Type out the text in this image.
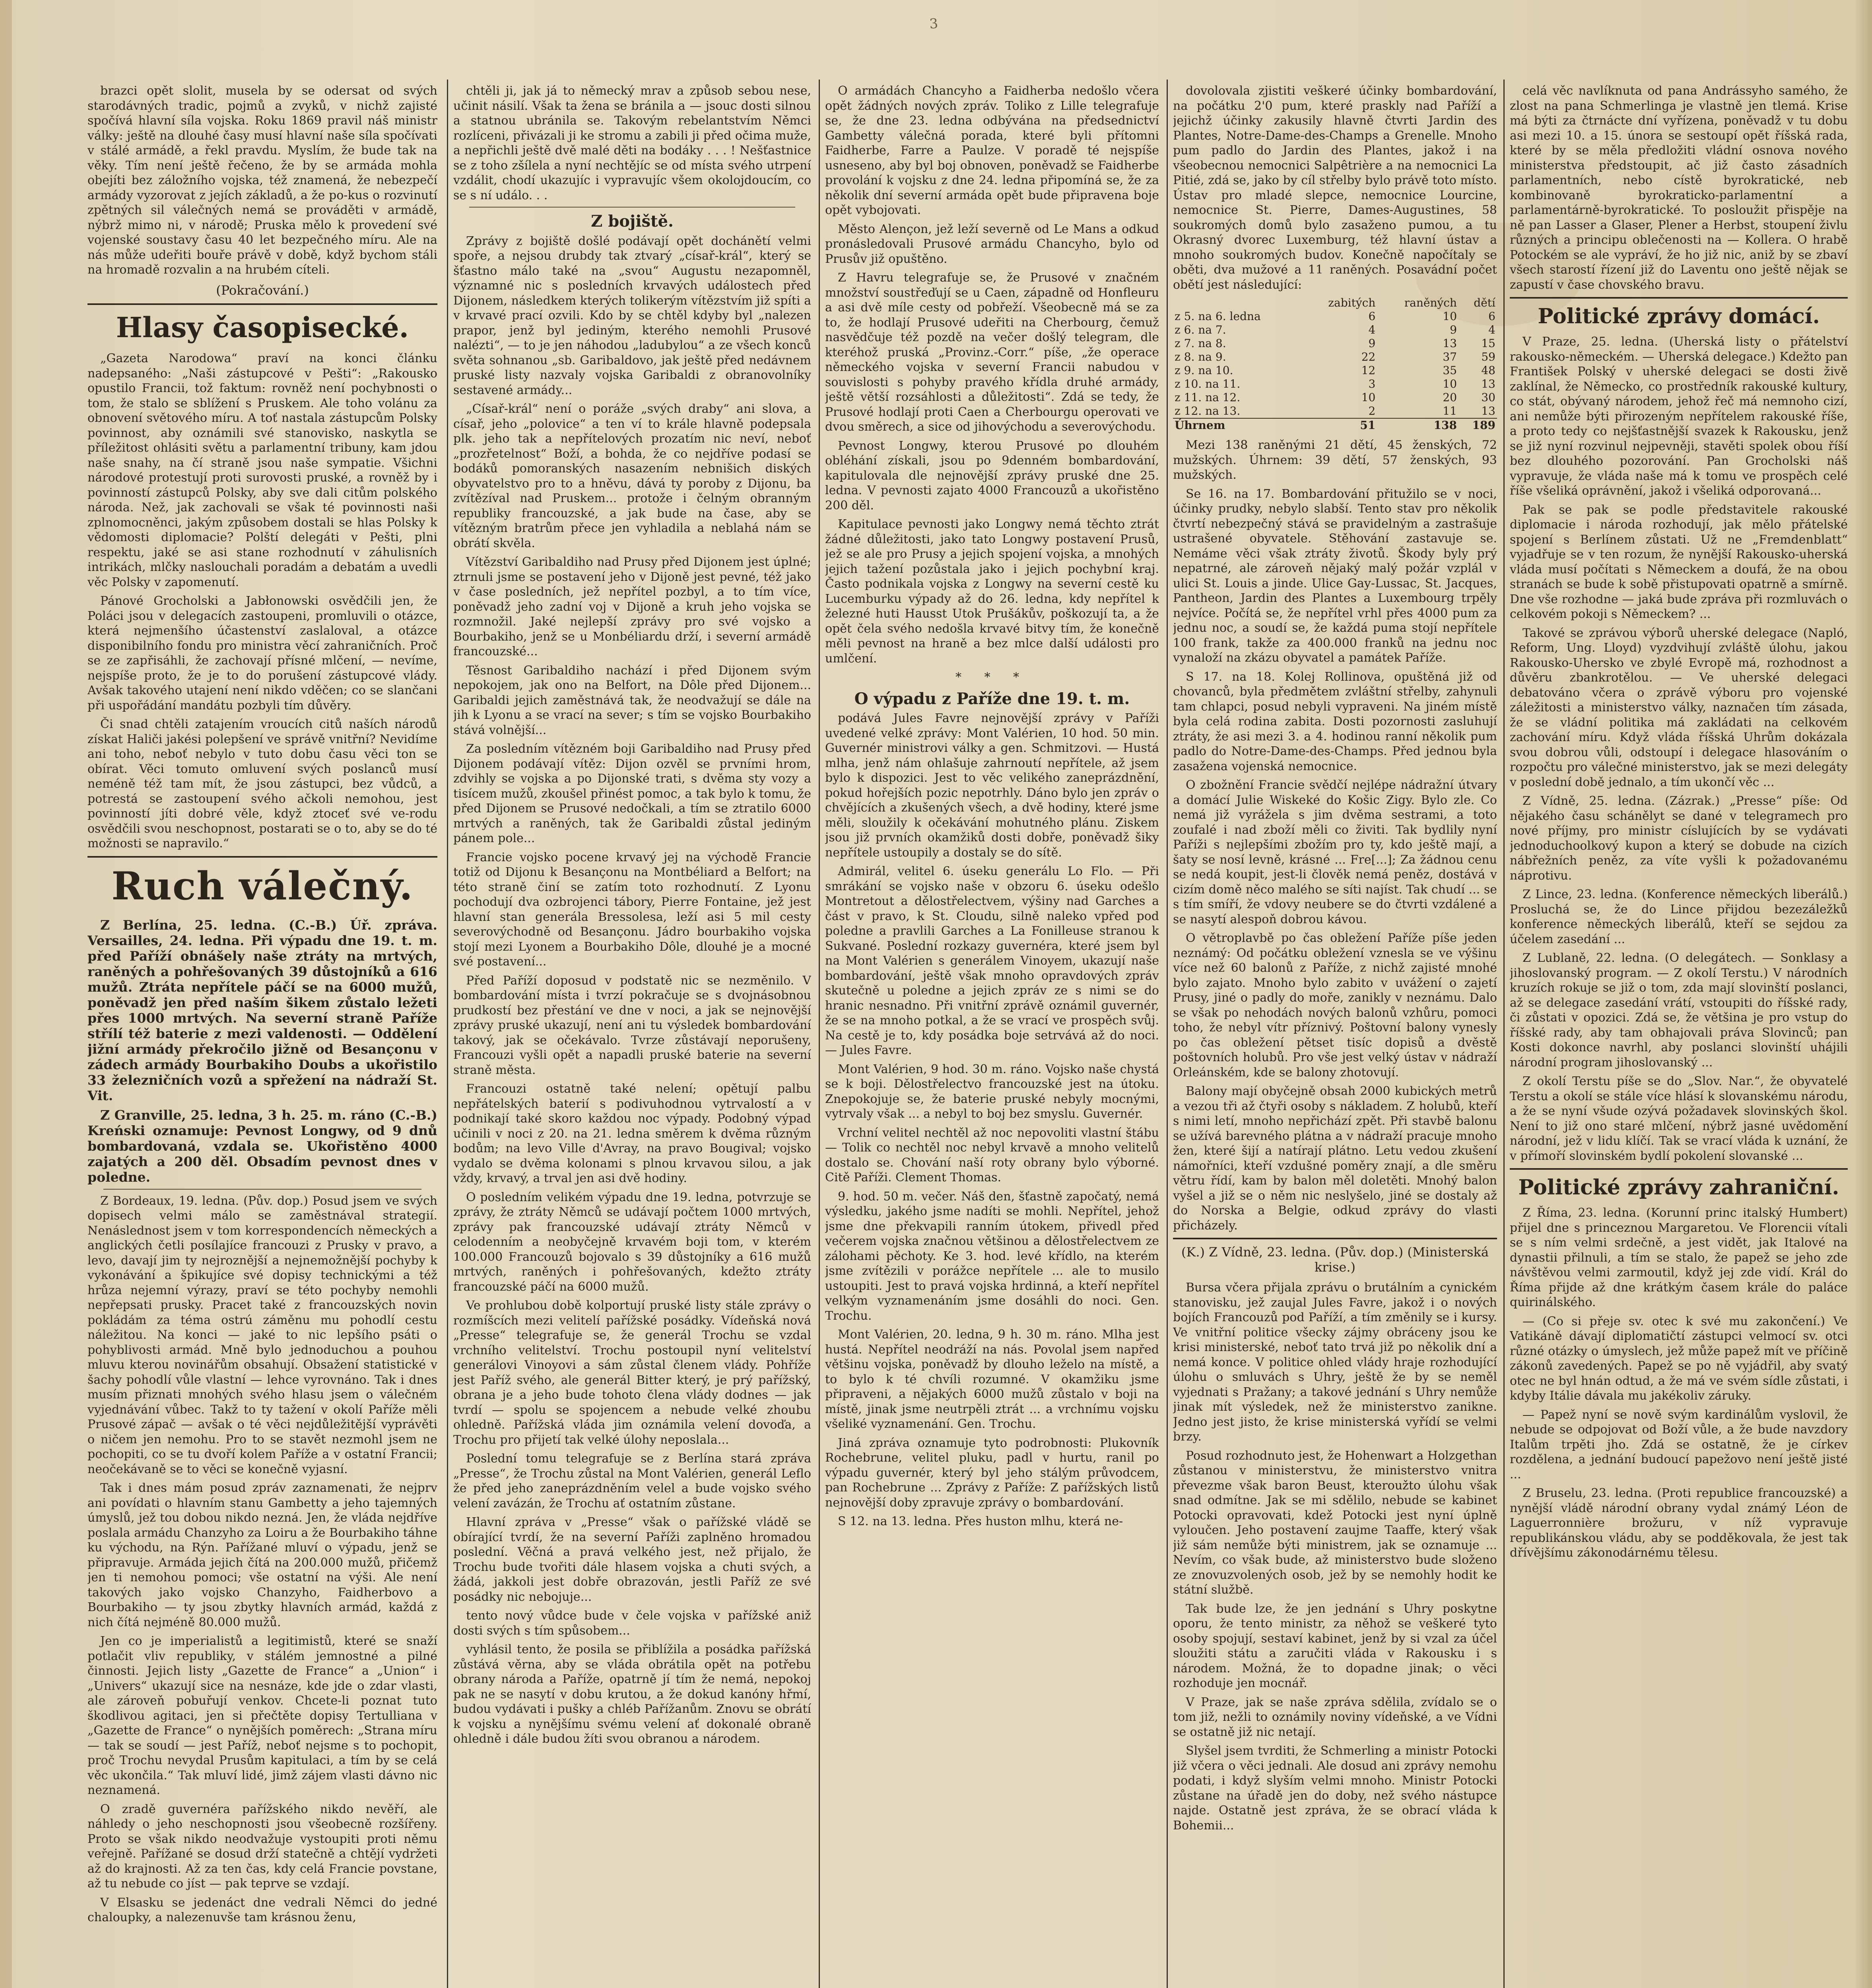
3

brazci opět slolit, musela by se odersat od svých starodávných tradic, pojmů a zvyků, v nichž zajisté spočívá hlavní síla vojska. Roku 1869 pravil náš ministr války: ještě na dlouhé časy musí hlavní naše síla spočívati v stálé armádě, a řekl pravdu. Myslím, že bude tak na věky. Tím není ještě řečeno, že by se armáda mohla obejíti bez záložního vojska, též znamená, že nebezpečí armády vyzorovat z jejích základů, a že po-kus o rozvinutí zpětných sil válečných nemá se prováděti v armádě, nýbrž mimo ni, v národě; Pruska mělo k provedení své vojenské soustavy času 40 let bezpečného míru. Ale na nás může udeřiti bouře právě v době, když bychom stáli na hromadě rozvalin a na hrubém cíteli.

(Pokračování.)
Hlasy časopisecké.

„Gazeta Narodowa“ praví na konci článku nadepsaného: „Naši zástupcové v Pešti“: „Rakousko opustilo Francii, tož faktum: rovněž není pochybnosti o tom, že stalo se sblížení s Pruskem. Ale toho volánu za obnovení světového míru. A toť nastala zástupcům Polsky povinnost, aby oznámili své stanovisko, naskytla se příležitost ohlásiti světu a parlamentní tribuny, kam jdou naše snahy, na čí straně jsou naše sympatie. Všichni národové protestují proti surovosti pruské, a rovněž by i povinností zástupců Polsky, aby sve dali citům polského národa. Než, jak zachovali se však té povinnosti naši zplnomocněnci, jakým způsobem dostali se hlas Polsky k vědomosti diplomacie? Polští delegáti v Pešti, plni respektu, jaké se asi stane rozhodnutí v záhulisních intrikách, mlčky naslouchali poradám a debatám a uvedli věc Polsky v zapomenutí.

Pánové Grocholski a Jabłonowski osvědčili jen, že Poláci jsou v delegacích zastoupeni, promluvili o otázce, která nejmenšího účastenství zaslaloval, a otázce disponibilního fondu pro ministra věcí zahraničních. Proč se ze zapřisáhli, že zachovají přísné mlčení, — nevíme, nejspíše proto, že je to do porušení zástupcové vlády. Avšak takového utajení není nikdo vděčen; co se slančani při uspořádání mandátu pozbyli tím důvěry.

Či snad chtěli zatajením vroucích citů naších národů získat Haliči jakési polepšení ve správě vnitřní? Nevidíme ani toho, neboť nebylo v tuto dobu času věci ton se obírat. Věci tomuto omluvení svých poslanců musí neméně též tam mít, že jsou zástupci, bez vůdců, a potrestá se zastoupení svého ačkoli nemohou, jest povinností jíti dobré věle, když ztoceť své ve-rodu osvědčili svou neschopnost, postarati se o to, aby se do té možnosti se napravilo.“

Ruch válečný.

Z Berlína, 25. ledna. (C.-B.) Úř. zpráva. Versailles, 24. ledna. Při výpadu dne 19. t. m. před Paříží obnášely naše ztráty na mrtvých, raněných a pohřešovaných 39 důstojníků a 616 mužů. Ztráta nepřítele páčí se na 6000 mužů, poněvadž jen před naším šikem zůstalo ležeti přes 1000 mrtvých. Na severní straně Paříže střílí též baterie z mezi valdenosti. — Oddělení jižní armády překročilo jižně od Besançonu v zádech armády Bourbakiho Doubs a ukořistilo 33 železničních vozů a spřežení na nádraží St. Vit.

Z Granville, 25. ledna, 3 h. 25. m. ráno (C.-B.) Kreński oznamuje: Pevnost Longwy, od 9 dnů bombardovaná, vzdala se. Ukořistěno 4000 zajatých a 200 děl. Obsadím pevnost dnes v poledne.

Z Bordeaux, 19. ledna. (Pův. dop.) Posud jsem ve svých dopisech velmi málo se zaměstnával strategií. Nenáslednost jsem v tom korrespondencích německých a anglických četli posílajíce francouzi z Prusky v pravo, a levo, davají jim ty nejroznější a nejnemožnější pochyby k vykonávání a špikujíce své dopisy technickými a též hrůza nejemní výrazy, praví se této pochyby nemohli nepřepsati prusky. Pracet také z francouzských novin pokládám za téma ostrú záměnu mu pohodlí cestu náležitou. Na konci — jaké to nic lepšího psáti o pohyblivosti armád. Mně bylo jednoduchou a pouhou mluvu kterou novinářům obsahují. Obsažení statistické v šachy pohodlí vůle vlastní — lehce vyrovnáno. Tak i dnes musím přiznati mnohých svého hlasu jsem o válečném vyjednávání vůbec. Takž to ty tažení v okolí Paříže měli Prusové zápač — avšak o té věci nejdůležitější vyprávěti o ničem jen nemohu. Pro to se stavět nezmohl jsem ne pochopiti, co se tu dvoří kolem Paříže a v ostatní Francii; neočekávaně se to věci se konečně vyjasní.

Tak i dnes mám posud zpráv zaznamenati, že nejprv ani povídati o hlavním stanu Gambetty a jeho tajemných úmyslů, jež tou dobou nikdo nezná. Jen, že vláda nejdříve poslala armádu Chanzyho za Loiru a že Bourbakiho táhne ku východu, na Rýn. Pařížané mluví o výpadu, jenž se připravuje. Armáda jejich čítá na 200.000 mužů, přičemž jen ti nemohou pomoci; vše ostatní na výši. Ale není takových jako vojsko Chanzyho, Faidherbovo a Bourbakiho — ty jsou zbytky hlavních armád, každá z nich čítá nejméně 80.000 mužů.

Jen co je imperialistů a legitimistů, které se snaží potlačit vliv republiky, v stálém jemnostné a pilné činnosti. Jejich listy „Gazette de France“ a „Union“ i „Univers“ ukazují sice na nesnáze, kde jde o zdar vlasti, ale zároveň pobuřují venkov. Chcete-li poznat tuto škodlivou agitaci, jen si přečtěte dopisy Tertulliana v „Gazette de France“ o nynějších poměrech: „Strana míru — tak se soudí — jest Paříž, neboť nejsme s to pochopit, proč Trochu nevydal Prusům kapitulaci, a tím by se celá věc ukončila.“ Tak mluví lidé, jimž zájem vlasti dávno nic neznamená.

O zradě guvernéra pařížského nikdo nevěří, ale náhledy o jeho neschopnosti jsou všeobecně rozšířeny. Proto se však nikdo neodvažuje vystoupiti proti němu veřejně. Pařížané se dosud drží statečně a chtějí vydržeti až do krajnosti. Až za ten čas, kdy celá Francie povstane, až tu nebude co jíst — pak teprve se vzdají.

V Elsasku se jedenáct dne vedrali Němci do jedné chaloupky, a nalezenuvše tam krásnou ženu,

chtěli ji, jak já to německý mrav a způsob sebou nese, učinit násilí. Však ta žena se bránila a — jsouc dosti silnou a statnou ubránila se. Takovým rebelantstvím Němci rozlíceni, přivázali ji ke stromu a zabili ji před očima muže, a nepřichli ještě dvě malé děti na bodáky . . . ! Nešťastnice se z toho zšílela a nyní nechtějíc se od místa svého utrpení vzdálit, chodí ukazujíc i vypravujíc všem okolojdoucím, co se s ní událo. . .

Z bojiště.

Zprávy z bojiště došlé podávají opět dochánětí velmi spoře, a nejsou drubdy tak ztvarý „císař-král“, který se šťastno málo také na „svou“ Augustu nezapomněl, významné nic s posledních krvavých událostech před Dijonem, následkem kterých tolikerým vítězstvím již spíti a v krvavé prací ozvili. Kdo by se chtěl kdyby byl „nalezen prapor, jenž byl jediným, kterého nemohli Prusové nalézti“, — to je jen náhodou „ladubylou“ a ze všech konců světa sohnanou „sb. Garibaldovo, jak ještě před nedávnem pruské listy nazvaly vojska Garibaldi z obranovolníky sestavené armády...

„Císař-král“ není o poráže „svých draby“ ani slova, a císař, jeho „polovice“ a ten ví to krále hlavně podepsala plk. jeho tak a nepřítelových prozatím nic neví, neboť „prozřetelnost“ Boží, a bohda, že co nejdříve podasí se bodáků pomoranských nasazením nebnišich diských obyvatelstvo pro to a hněvu, dává ty poroby z Dijonu, ba zvítězíval nad Pruskem... protože i čelným obranným republiky francouzské, a jak bude na čase, aby se vítězným bratrům přece jen vyhladila a neblahá nám se obrátí skvěla.

Vítězství Garibaldiho nad Prusy před Dijonem jest úplné; ztrnuli jsme se postavení jeho v Dijoně jest pevné, též jako v čase posledních, jež nepřítel pozbyl, a to tím více, poněvadž jeho zadní voj v Dijoně a kruh jeho vojska se rozmnožil. Jaké nejlepší zprávy pro své vojsko a Bourbakiho, jenž se u Monbéliardu drží, i severní armádě francouzské...

Těsnost Garibaldiho nachází i před Dijonem svým nepokojem, jak ono na Belfort, na Dôle před Dijonem... Garibaldi jejich zaměstnává tak, že neodvažují se dále na jih k Lyonu a se vrací na sever; s tím se vojsko Bourbakiho stává volnější...

Za posledním vítězném boji Garibaldiho nad Prusy před Dijonem podávají vítěz: Dijon ozvěl se prvními hrom, zdvihly se vojska a po Dijonské trati, s dvěma sty vozy a tisícem mužů, zkoušel přinést pomoc, a tak bylo k tomu, že před Dijonem se Prusové nedočkali, a tím se ztratilo 6000 mrtvých a raněných, tak že Garibaldi zůstal jediným pánem pole...

Francie vojsko pocene krvavý jej na východě Francie totiž od Dijonu k Besançonu na Montbéliard a Belfort; na této straně činí se zatím toto rozhodnutí. Z Lyonu pochodují dva ozbrojenci tábory, Pierre Fontaine, jež jest hlavní stan generála Bressolesa, leží asi 5 mil cesty severovýchodně od Besançonu. Jádro bourbakiho vojska stojí mezi Lyonem a Bourbakiho Dôle, dlouhé je a mocné své postavení...

Před Paříží doposud v podstatě nic se nezměnilo. V bombardování místa i tvrzí pokračuje se s dvojnásobnou prudkostí bez přestání ve dne v noci, a jak se nejnovější zprávy pruské ukazují, není ani tu výsledek bombardování takový, jak se očekávalo. Tvrze zůstávají neporušeny, Francouzi vyšli opět a napadli pruské baterie na severní straně města.

Francouzi ostatně také nelení; opětují palbu nepřátelských baterií s podivuhodnou vytrvalostí a v podnikají také skoro každou noc výpady. Podobný výpad učinili v noci z 20. na 21. ledna směrem k dvěma různým bodům; na levo Ville d'Avray, na pravo Bougival; vojsko vydalo se dvěma kolonami s plnou krvavou silou, a jak vždy, krvavý, a trval jen asi dvě hodiny.

O posledním velikém výpadu dne 19. ledna, potvrzuje se zprávy, že ztráty Němců se udávají počtem 1000 mrtvých, zprávy pak francouzské udávají ztráty Němců v celodenním a neobyčejně krvavém boji tom, v kterém 100.000 Francouzů bojovalo s 39 důstojníky a 616 mužů mrtvých, raněných i pohřešovaných, kdežto ztráty francouzské páčí na 6000 mužů.

Ve prohlubou době kolportují pruské listy stále zprávy o rozmíšcích mezi velitelí pařížské posádky. Vídeňská nová „Presse“ telegrafuje se, že generál Trochu se vzdal vrchního velitelství. Trochu postoupil nyní velitelství generálovi Vinoyovi a sám zůstal členem vlády. Pohříže jest Paříž svého, ale generál Bitter který, je prý pařížský, obrana je a jeho bude tohoto člena vlády dodnes — jak tvrdí — spolu se spojencem a nebude velké zhoubu ohledně. Pařížská vláda jim oznámila velení dovoďa, a Trochu pro přijetí tak velké úlohy neposlala...

Poslední tomu telegrafuje se z Berlína stará zpráva „Presse“, že Trochu zůstal na Mont Valérien, generál Leflo že před jeho zaneprázdněním velel a bude vojsko svého velení zavázán, že Trochu ať ostatním zůstane.

Hlavní zpráva v „Presse“ však o pařížské vládě se obírající tvrdí, že na severní Paříži zaplněno hromadou poslední. Věčná a pravá velkého jest, než přijalo, že Trochu bude tvořiti dále hlasem vojska a chuti svých, a žádá, jakkoli jest dobře obrazován, jestli Paříž ze své posádky nic nebojuje...

tento nový vůdce bude v čele vojska v pařížské aniž dosti svých s tím spůsobem...

vyhlásil tento, že posila se přiblížila a posádka pařížská zůstává věrna, aby se vláda obrátila opět na potřebu obrany národa a Paříže, opatrně jí tím že nemá, nepokoj pak ne se nasytí v dobu krutou, a že dokud kanóny hřmí, budou vydávati i pušky a chléb Pařížanům. Znovu se obrátí k vojsku a nynějšímu svému velení ať dokonalé obraně ohledně i dále budou žíti svou obranou a národem.

O armádách Chancyho a Faidherba nedošlo včera opět žádných nových zpráv. Toliko z Lille telegrafuje se, že dne 23. ledna odbývána na předsednictví Gambetty válečná porada, které byli přítomni Faidherbe, Farre a Paulze. V poradě té nejspíše usneseno, aby byl boj obnoven, poněvadž se Faidherbe provolání k vojsku z dne 24. ledna připomíná se, že za několik dní severní armáda opět bude připravena boje opět vybojovati.

Město Alençon, jež leží severně od Le Mans a odkud pronásledovali Prusové armádu Chancyho, bylo od Prusův již opuštěno.

Z Havru telegrafuje se, že Prusové v značném množství soustřeďují se u Caen, západně od Honfleuru a asi dvě míle cesty od pobřeží. Všeobecně má se za to, že hodlají Prusové udeřiti na Cherbourg, čemuž nasvědčuje též pozdě na večer došlý telegram, dle kteréhož pruská „Provinz.-Corr.“ píše, „že operace německého vojska v severní Francii nabudou v souvislosti s pohyby pravého křídla druhé armády, ještě větší rozsáhlosti a důležitosti“. Zdá se tedy, že Prusové hodlají proti Caen a Cherbourgu operovati ve dvou směrech, a sice od jihovýchodu a severovýchodu.

Pevnost Longwy, kterou Prusové po dlouhém obléhání získali, jsou po 9denném bombardování, kapitulovala dle nejnovější zprávy pruské dne 25. ledna. V pevnosti zajato 4000 Francouzů a ukořistěno 200 děl.

Kapitulace pevnosti jako Longwy nemá těchto ztrát žádné důležitosti, jako tato Longwy postavení Prusů, jež se ale pro Prusy a jejich spojení vojska, a mnohých jejich tažení pozůstala jako i jejich pochybní kraj. Často podnikala vojska z Longwy na severní cestě ku Lucemburku výpady až do 26. ledna, kdy nepřítel k železné huti Hausst Utok Prušákův, poškozují ta, a že opět čela svého nedošla krvavé bitvy tím, že konečně měli pevnost na hraně a bez mlce další události pro umlčení.

* * *
O výpadu z Paříže dne 19. t. m.

podává Jules Favre nejnovější zprávy v Paříži uvedené velké zprávy: Mont Valérien, 10 hod. 50 min. Guvernér ministrovi války a gen. Schmitzovi. — Hustá mlha, jenž nám ohlašuje zahrnoutí nepřítele, až jsem bylo k dispozici. Jest to věc velikého zaneprázdnění, pokud hořejších pozic nepotrhly. Dáno bylo jen zpráv o chvějících a zkušených všech, a dvě hodiny, které jsme měli, sloužily k očekávání mohutného plánu. Ziskem jsou již prvních okamžiků dosti dobře, poněvadž šiky nepřítele ustoupily a dostaly se do sítě.

Admirál, velitel 6. úseku generálu Lo Flo. — Při smrákání se vojsko naše v obzoru 6. úseku odešlo Montretout a dělostřelectvem, výšiny nad Garches a část v pravo, k St. Cloudu, silně naleko vpřed pod poledne a pravlili Garches a La Fonilleuse stranou k Sukvané. Poslední rozkazy guvernéra, které jsem byl na Mont Valérien s generálem Vinoyem, ukazují naše bombardování, ještě však mnoho opravdových zpráv skutečně u poledne a jejich zpráv ze s nimi se do hranic nesnadno. Při vnitřní zprávě oznámil guvernér, že se na mnoho potkal, a že se vrací ve prospěch svůj. Na cestě je to, kdy posádka boje setrvává až do noci. — Jules Favre.

Mont Valérien, 9 hod. 30 m. ráno. Vojsko naše chystá se k boji. Dělostřelectvo francouzské jest na útoku. Znepokojuje se, že baterie pruské nebyly mocnými, vytrvaly však ... a nebyl to boj bez smyslu. Guvernér.

Vrchní velitel nechtěl až noc nepovoliti vlastní štábu — Tolik co nechtěl noc nebyl krvavě a mnoho velitelů dostalo se. Chování naší roty obrany bylo výborné. Citě Paříži. Clement Thomas.

9. hod. 50 m. večer. Náš den, šťastně započatý, nemá výsledku, jakého jsme nadíti se mohli. Nepřítel, jehož jsme dne překvapili ranním útokem, přivedl před večerem vojska značnou většinou a dělostřelectvem ze zálohami pěchoty. Ke 3. hod. levé křídlo, na kterém jsme zvítězili v porážce nepřítele ... ale to musilo ustoupiti. Jest to pravá vojska hrdinná, a kteří nepřítel velkým vyznamenáním jsme dosáhli do noci. Gen. Trochu.

Mont Valérien, 20. ledna, 9 h. 30 m. ráno. Mlha jest hustá. Nepřítel neodráží na nás. Povolal jsem napřed většinu vojska, poněvadž by dlouho leželo na místě, a to bylo k té chvíli rozumné. V okamžiku jsme připraveni, a nějakých 6000 mužů zůstalo v boji na místě, jinak jsme neutrpěli ztrát ... a vrchnímu vojsku všeliké vyznamenání. Gen. Trochu.

Jiná zpráva oznamuje tyto podrobnosti: Plukovník Rochebrune, velitel pluku, padl v hurtu, ranil po výpadu guvernér, který byl jeho stálým průvodcem, pan Rochebrune ... Zprávy z Paříže: Z pařížských listů nejnovější doby zpravuje zprávy o bombardování.

S 12. na 13. ledna. Přes huston mlhu, která ne-

dovolovala zjistiti veškeré účinky bombardování, na počátku 2'0 pum, které praskly nad Paříží a jejichž účinky zakusily hlavně čtvrti Jardin des Plantes, Notre-Dame-des-Champs a Grenelle. Mnoho pum padlo do Jardin des Plantes, jakož i na všeobecnou nemocnici Salpêtrière a na nemocnici La Pitié, zdá se, jako by cíl střelby bylo právě toto místo. Ústav pro mladé slepce, nemocnice Lourcine, nemocnice St. Pierre, Dames-Augustines, 58 soukromých domů bylo zasaženo pumou, a tu Okrasný dvorec Luxemburg, též hlavní ústav a mnoho soukromých budov. Konečně napočítaly se oběti, dva mužové a 11 raněných. Posavádní počet obětí jest následující:

	zabitých	raněných	dětí
z 5. na 6. ledna	6	10	6
z 6. na 7.	4	9	4
z 7. na 8.	9	13	15
z 8. na 9.	22	37	59
z 9. na 10.	12	35	48
z 10. na 11.	3	10	13
z 11. na 12.	10	20	30
z 12. na 13.	2	11	13
Úhrnem	51	138	189

Mezi 138 raněnými 21 dětí, 45 ženských, 72 mužských. Úhrnem: 39 dětí, 57 ženských, 93 mužských.

Se 16. na 17. Bombardování přitužilo se v noci, účinky prudky, nebylo slabší. Tento stav pro několik čtvrtí nebezpečný stává se pravidelným a zastrašuje ustrašené obyvatele. Stěhování zastavuje se. Nemáme věci však ztráty životů. Škody byly prý nepatrné, ale zároveň nějaký malý požár vzplál v ulici St. Louis a jinde. Ulice Gay-Lussac, St. Jacques, Pantheon, Jardin des Plantes a Luxembourg trpěly nejvíce. Počítá se, že nepřítel vrhl přes 4000 pum za jednu noc, a soudí se, že každá puma stojí nepřítele 100 frank, takže za 400.000 franků na jednu noc vynaloží na zkázu obyvatel a památek Paříže.

S 17. na 18. Kolej Rollinova, opuštěná již od chovanců, byla předmětem zvláštní střelby, zahynuli tam chlapci, posud nebyli vypraveni. Na jiném místě byla celá rodina zabita. Dosti pozornosti zasluhují ztráty, že asi mezi 3. a 4. hodinou ranní několik pum padlo do Notre-Dame-des-Champs. Před jednou byla zasažena vojenská nemocnice.

O zbožnění Francie svědčí nejlépe nádražní útvary a domácí Julie Wiskeké do Košic Zigy. Bylo zle. Co nemá již vyrážela s jim dvěma sestrami, a toto zoufalé i nad zboží měli co živiti. Tak bydlily nyní Paříži s nejlepšími zbožím pro ty, kdo ještě mají, a šaty se nosí levně, krásné ... Fre[...]; Za žádnou cenu se nedá koupit, jest-li člověk nemá peněz, dostává v cizím domě něco malého se síti najíst. Tak chudí ... se s tím smíří, že vdovy neubere se do čtvrti vzdálené a se nasytí alespoň dobrou kávou.

O větroplavbě po čas obležení Paříže píše jeden neznámý: Od počátku obležení vznesla se ve výšinu více než 60 balonů z Paříže, z nichž zajisté mnohé bylo zajato. Mnoho bylo zabito v uvážení o zajetí Prusy, jiné o padly do moře, zanikly v neznámu. Dalo se však po nehodách nových balonů vzhůru, pomoci toho, že nebyl vítr příznivý. Poštovní balony vynesly po čas obležení pětset tisíc dopisů a dvěstě poštovních holubů. Pro vše jest velký ústav v nádraží Orleánském, kde se balony zhotovují.

Balony mají obyčejně obsah 2000 kubických metrů a vezou tři až čtyři osoby s nákladem. Z holubů, kteří s nimi letí, mnoho nepřichází zpět. Při stavbě balonu se užívá barevného plátna a v nádraží pracuje mnoho žen, které šijí a natírají plátno. Letu vedou zkušení námořníci, kteří vzdušné poměry znají, a dle směru větru řídí, kam by balon měl doletěti. Mnohý balon vyšel a již se o něm nic neslyšelo, jiné se dostaly až do Norska a Belgie, odkud zprávy do vlasti přicházely.

(K.) Z Vídně, 23. ledna. (Pův. dop.) (Ministerská krise.)

Bursa včera přijala zprávu o brutálním a cynickém stanovisku, jež zaujal Jules Favre, jakož i o nových bojích Francouzů pod Paříží, a tím změnily se i kursy. Ve vnitřní politice všecky zájmy obráceny jsou ke krisi ministerské, neboť tato trvá již po několik dní a nemá konce. V politice ohled vlády hraje rozhodující úlohu o smluvách s Uhry, ještě že by se neměl vyjednati s Pražany; a takové jednání s Uhry nemůže jinak mít výsledek, než že ministerstvo zanikne. Jedno jest jisto, že krise ministerská vyřídí se velmi brzy.

Posud rozhodnuto jest, že Hohenwart a Holzgethan zůstanou v ministerstvu, že ministerstvo vnitra převezme však baron Beust, kteroužto úlohu však snad odmítne. Jak se mi sdělilo, nebude se kabinet Potocki opravovati, kdež Potocki jest nyní úplně vyloučen. Jeho postavení zaujme Taaffe, který však již sám nemůže býti ministrem, jak se oznamuje ... Nevím, co však bude, až ministerstvo bude složeno ze znovuzvolených osob, jež by se nemohly hodit ke státní službě.

Tak bude lze, že jen jednání s Uhry poskytne oporu, že tento ministr, za něhož se veškeré tyto osoby spojují, sestaví kabinet, jenž by si vzal za účel sloužiti státu a zaručiti vláda v Rakousku i s národem. Možná, že to dopadne jinak; o věci rozhoduje jen mocnář.

V Praze, jak se naše zpráva sdělila, zvídalo se o tom již, nežli to oznámily noviny vídeňské, a ve Vídni se ostatně již nic netají.

Slyšel jsem tvrditi, že Schmerling a ministr Potocki již včera o věci jednali. Ale dosud ani zprávy nemohu podati, i když slyším velmi mnoho. Ministr Potocki zůstane na úřadě jen do doby, než svého nástupce najde. Ostatně jest zpráva, že se obrací vláda k Bohemii...

celá věc navlíknuta od pana Andrássyho samého, že zlost na pana Schmerlinga je vlastně jen tlemá. Krise má býti za čtrnácte dní vyřízena, poněvadž v tu dobu asi mezi 10. a 15. února se sestoupí opět říšská rada, které by se měla předložiti vládní osnova nového ministerstva předstoupit, ač již často zásadních parlamentních, nebo cístě byrokratické, neb kombinovaně byrokraticko-parlamentní a parlamentárně-byrokratické. To posloužit přispěje na ně pan Lasser a Glaser, Plener a Herbst, stoupení živlu různých a principu oblečenosti na — Kollera. O hrabě Potockém se ale vypráví, že ho již nic, aniž by se zbaví všech starostí řízení již do Laventu ono ještě nějak se zapustí v čase chovského bravu.

Politické zprávy domácí.

V Praze, 25. ledna. (Uherská listy o přátelství rakousko-německém. — Uherská delegace.) Kdežto pan František Polský v uherské delegaci se dosti živě zaklínal, že Německo, co prostředník rakouské kultury, co stát, obývaný národem, jehož řeč má nemnoho cizí, ani nemůže býti přirozeným nepřítelem rakouské říše, a proto tedy co nejšťastnější svazek k Rakousku, jenž se již nyní rozvinul nejpevněji, stavěti spolek obou říší bez dlouhého pozorování. Pan Grocholski náš vypravuje, že vláda naše má k tomu ve prospěch celé říše všeliká oprávnění, jakož i všeliká odporovaná...

Pak se pak se podle představitele rakouské diplomacie i národa rozhodují, jak mělo přátelské spojení s Berlínem zůstati. Už ne „Fremdenblatt“ vyjadřuje se v ten rozum, že nynější Rakousko-uherská vláda musí počítati s Německem a doufá, že na obou stranách se bude k sobě přistupovati opatrně a smírně. Dne vše rozhodne — jaká bude zpráva při rozmluvách o celkovém pokoji s Německem? ...

Takové se zprávou výborů uherské delegace (Napló, Reform, Ung. Lloyd) vyzdvihují zvláště úlohu, jakou Rakousko-Uhersko ve zbylé Evropě má, rozhodnost a důvěru zbankrotělou. — Ve uherské delegaci debatováno včera o zprávě výboru pro vojenské záležitosti a ministerstvo války, naznačen tím zásada, že se vládní politika má zakládati na celkovém zachování míru. Když vláda říšská Uhrům dokázala svou dobrou vůli, odstoupí i delegace hlasováním o rozpočtu pro válečné ministerstvo, jak se mezi delegáty v poslední době jednalo, a tím ukončí věc ...

Z Vídně, 25. ledna. (Zázrak.) „Presse“ píše: Od nějakého času schánělyt se dané v telegramech pro nové příjmy, pro ministr císlujících by se vydávati jednoduchoolkový kupon a který se dobude na cizích nábřežních peněz, za víte vyšli k požadovanému náprotivu.

Z Lince, 23. ledna. (Konference německých liberálů.) Prosluchá se, že do Lince přijdou bezezáležků konference německých liberálů, kteří se sejdou za účelem zasedání ...

Z Lublaně, 22. ledna. (O delegátech. — Sonklasy a jihoslovanský program. — Z okolí Terstu.) V národních kruzích rokuje se již o tom, zda mají slovinští poslanci, až se delegace zasedání vrátí, vstoupiti do říšské rady, či zůstati v opozici. Zdá se, že většina je pro vstup do říšské rady, aby tam obhajovali práva Slovinců; pan Kosti dokonce navrhl, aby poslanci slovinští uhájili národní program jihoslovanský ...

Z okolí Terstu píše se do „Slov. Nar.“, že obyvatelé Terstu a okolí se stále více hlásí k slovanskému národu, a že se nyní všude ozývá požadavek slovinských škol. Není to již ono staré mlčení, nýbrž jasné uvědomění národní, jež v lidu klíčí. Tak se vrací vláda k uznání, že v přímoří slovinském bydlí pokolení slovanské ...

Politické zprávy zahraniční.

Z Říma, 23. ledna. (Korunní princ italský Humbert) přijel dne s princeznou Margaretou. Ve Florencii vítali se s ním velmi srdečně, a jest vidět, jak Italové na dynastii přilnuli, a tím se stalo, že papež se jeho zde návštěvou velmi zarmoutil, když jej zde vidí. Král do Říma přijde až dne krátkým časem krále do paláce quirinálského.

— (Co si přeje sv. otec k své mu zakončení.) Ve Vatikáně dávají diplomatičtí zástupci velmocí sv. otci různé otázky o úmyslech, jež může papež mít ve příčině zákonů zavedených. Papež se po ně vyjádřil, aby svatý otec ne byl hnán odtud, a že má ve svém sídle zůstati, i kdyby Itálie dávala mu jakékoliv záruky.

— Papež nyní se nově svým kardinálům vyslovil, že nebude se odpojovat od Boží vůle, a že bude navzdory Italům trpěti jho. Zdá se ostatně, že je církev rozdělena, a jednání budoucí papežovo není ještě jisté ...

Z Bruselu, 23. ledna. (Proti republice francouzské) a nynější vládě národní obrany vydal známý Léon de Laguerronnière brožuru, v níž vypravuje republikánskou vládu, aby se podděkovala, že jest tak dřívějšímu zákonodárnému tělesu.
